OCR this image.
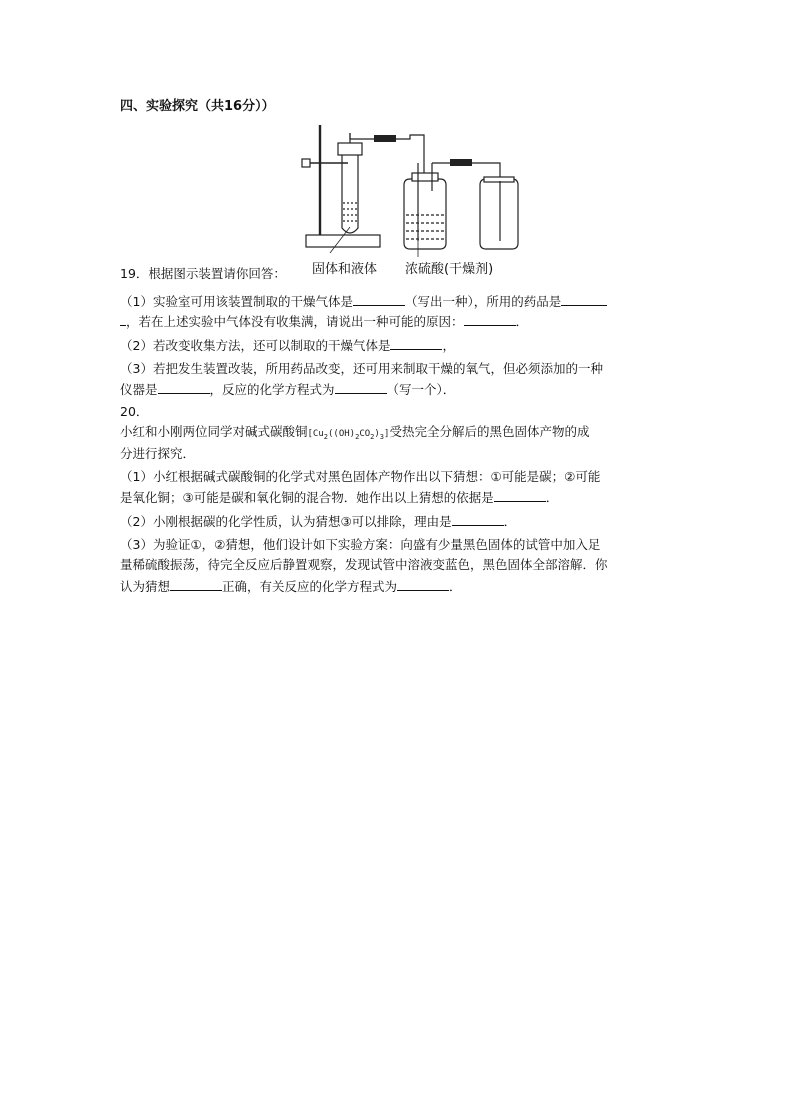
四、实验探究（共16分））
固体和液体 浓硫酸(干燥剂)
19．根据图示装置请你回答：
（1）实验室可用该装置制取的干燥气体是	（写出一种），所用的药品是
，若在上述实验中气体没有收集满，请说出一种可能的原因：	．
（2）若改变收集方法，还可以制取的干燥气体是	，
（3）若把发生装置改装，所用药品改变，还可用来制取干燥的氧气，但必须添加的一种
仪器是	，反应的化学方程式为	（写一个）．
20．
小红和小刚两位同学对碱式碳酸铜$[Cu_2((OH)_2CO_2)_3]$受热完全分解后的黑色固体产物的成
分进行探究．
（1）小红根据碱式碳酸铜的化学式对黑色固体产物作出以下猜想：①可能是碳；②可能
是氧化铜；③可能是碳和氧化铜的混合物．她作出以上猜想的依据是	．
（2）小刚根据碳的化学性质，认为猜想③可以排除，理由是	．
（3）为验证①，②猜想，他们设计如下实验方案：向盛有少量黑色固体的试管中加入足
量稀硫酸振荡，待完全反应后静置观察，发现试管中溶液变蓝色，黑色固体全部溶解．你
认为猜想	正确，有关反应的化学方程式为	．
